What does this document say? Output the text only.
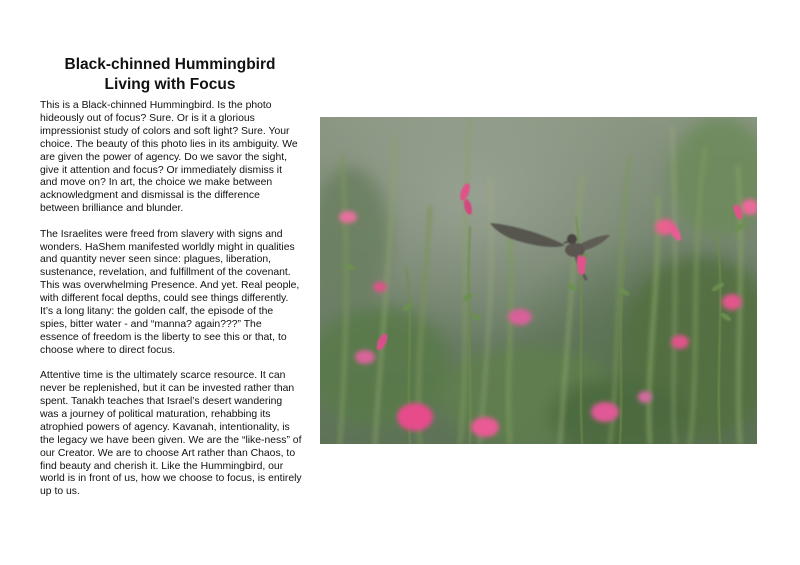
Black-chinned Hummingbird

Living with Focus

This is a Black-chinned Hummingbird. Is the photo hideously out of focus? Sure. Or is it a glorious impressionist study of colors and soft light? Sure. Your choice. The beauty of this photo lies in its ambiguity. We are given the power of agency. Do we savor the sight, give it attention and focus? Or immediately dismiss it and move on? In art, the choice we make between acknowledgment and dismissal is the difference between brilliance and blunder.

The Israelites were freed from slavery with signs and wonders. HaShem manifested worldly might in qualities and quantity never seen since: plagues, liberation, sustenance, revelation, and fulfillment of the covenant. This was overwhelming Presence. And yet. Real people, with different focal depths, could see things differently. It’s a long litany: the golden calf, the episode of the spies, bitter water - and “manna? again???” The essence of freedom is the liberty to see this or that, to choose where to direct focus.

Attentive time is the ultimately scarce resource. It can never be replenished, but it can be invested rather than spent. Tanakh teaches that Israel’s desert wandering was a journey of political maturation, rehabbing its atrophied powers of agency. Kavanah, intentionality, is the legacy we have been given. We are the “like-ness” of our Creator. We are to choose Art rather than Chaos, to find beauty and cherish it. Like the Hummingbird, our world is in front of us, how we choose to focus, is entirely up to us.
